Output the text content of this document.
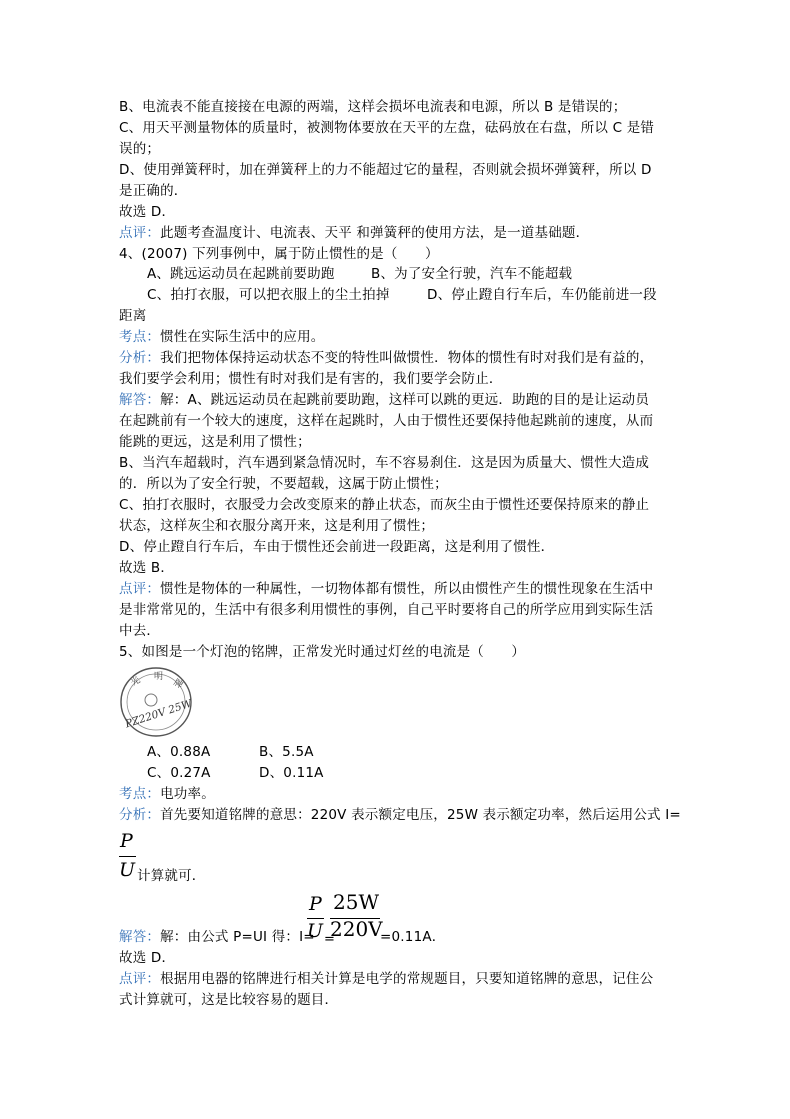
B、电流表不能直接接在电源的两端，这样会损坏电流表和电源，所以 B 是错误的；
C、用天平测量物体的质量时，被测物体要放在天平的左盘，砝码放在右盘，所以 C 是错
误的；
D、使用弹簧秤时，加在弹簧秤上的力不能超过它的量程，否则就会损坏弹簧秤，所以 D
是正确的．
故选 D．
点评：此题考查温度计、电流表、天平 和弹簧秤的使用方法，是一道基础题．
4、(2007) 下列事例中，属于防止惯性的是（　　）
A、跳远运动员在起跳前要助跑	B、为了安全行驶，汽车不能超载
C、拍打衣服，可以把衣服上的尘土拍掉	D、停止蹬自行车后，车仍能前进一段
距离
考点：惯性在实际生活中的应用。
分析：我们把物体保持运动状态不变的特性叫做惯性．物体的惯性有时对我们是有益的，
我们要学会利用；惯性有时对我们是有害的，我们要学会防止．
解答：解：A、跳远运动员在起跳前要助跑，这样可以跳的更远．助跑的目的是让运动员
在起跳前有一个较大的速度，这样在起跳时，人由于惯性还要保持他起跳前的速度，从而
能跳的更远，这是利用了惯性；
B、当汽车超载时，汽车遇到紧急情况时，车不容易刹住．这是因为质量大、惯性大造成
的．所以为了安全行驶，不要超载，这属于防止惯性；
C、拍打衣服时，衣服受力会改变原来的静止状态，而灰尘由于惯性还要保持原来的静止
状态，这样灰尘和衣服分离开来，这是利用了惯性；
D、停止蹬自行车后，车由于惯性还会前进一段距离，这是利用了惯性．
故选 B．
点评：惯性是物体的一种属性，一切物体都有惯性，所以由惯性产生的惯性现象在生活中
是非常常见的，生活中有很多利用惯性的事例，自己平时要将自己的所学应用到实际生活
中去．
5、如图是一个灯泡的铭牌，正常发光时通过灯丝的电流是（　　）
光 明
牌
PZ220V 25W
A、0.88A	B、5.5A
C、0.27A	D、0.11A
考点：电功率。
分析：首先要知道铭牌的意思：220V 表示额定电压，25W 表示额定功率，然后运用公式 I=
P
U 计算就可．
P
U
25W
220V
解答：解：由公式 P=UI 得：I= =	=0.11A．
故选 D．
点评：根据用电器的铭牌进行相关计算是电学的常规题目，只要知道铭牌的意思，记住公
式计算就可，这是比较容易的题目．
